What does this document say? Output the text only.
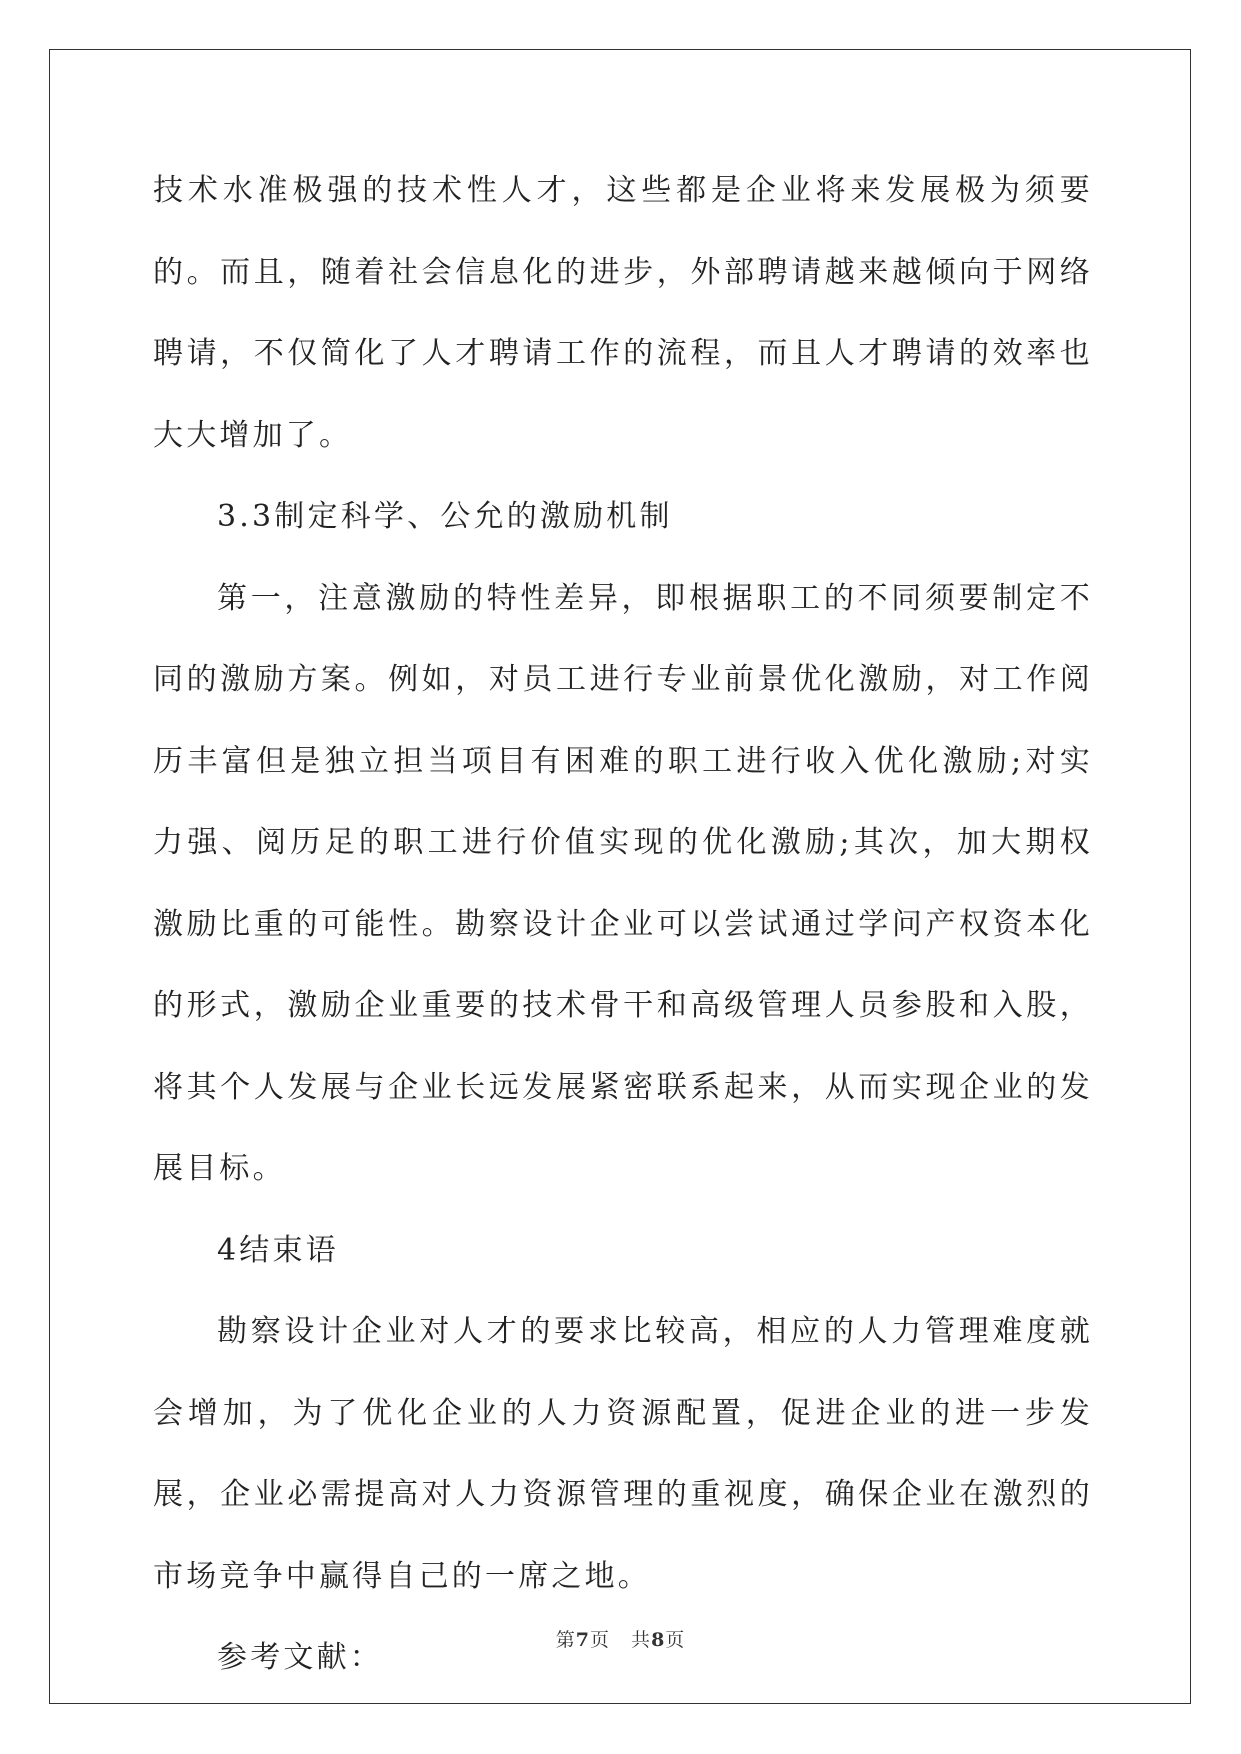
技术水准极强的技术性人才，这些都是企业将来发展极为须要的。而且，随着社会信息化的进步，外部聘请越来越倾向于网络聘请，不仅简化了人才聘请工作的流程，而且人才聘请的效率也大大增加了。

3.3制定科学、公允的激励机制

第一，注意激励的特性差异，即根据职工的不同须要制定不同的激励方案。例如，对员工进行专业前景优化激励，对工作阅历丰富但是独立担当项目有困难的职工进行收入优化激励;对实力强、阅历足的职工进行价值实现的优化激励;其次，加大期权激励比重的可能性。勘察设计企业可以尝试通过学问产权资本化的形式，激励企业重要的技术骨干和高级管理人员参股和入股，将其个人发展与企业长远发展紧密联系起来，从而实现企业的发展目标。

4结束语

勘察设计企业对人才的要求比较高，相应的人力管理难度就会增加，为了优化企业的人力资源配置，促进企业的进一步发展，企业必需提高对人力资源管理的重视度，确保企业在激烈的市场竞争中赢得自己的一席之地。

参考文献：	第7页   共8页
